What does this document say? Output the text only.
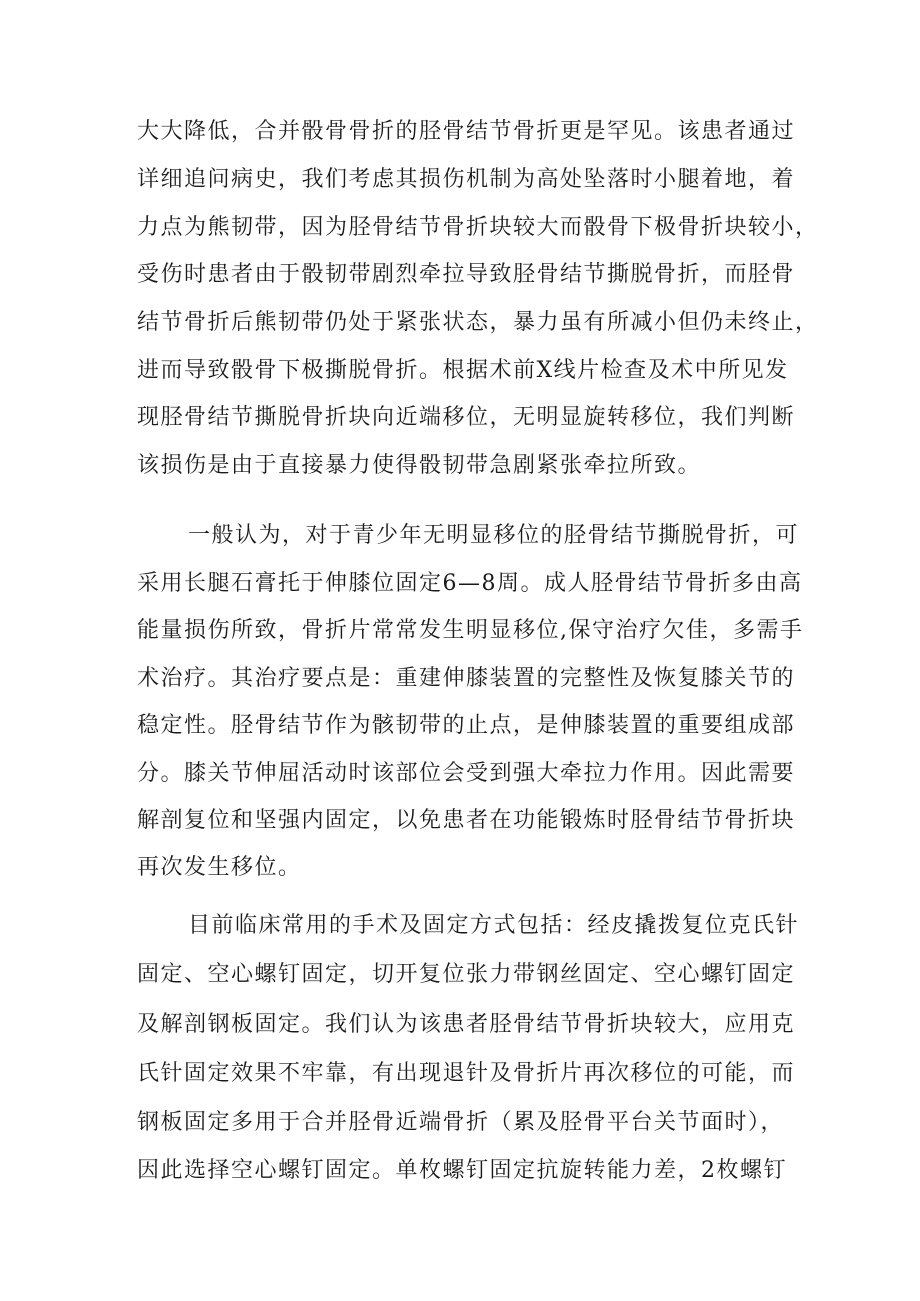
大大降低，合并骰骨骨折的胫骨结节骨折更是罕见。该患者通过
详细追问病史，我们考虑其损伤机制为高处坠落时小腿着地，着
力点为熊韧带，因为胫骨结节骨折块较大而骰骨下极骨折块较小，
受伤时患者由于骰韧带剧烈牵拉导致胫骨结节撕脱骨折，而胫骨
结节骨折后熊韧带仍处于紧张状态，暴力虽有所减小但仍未终止，
进而导致骰骨下极撕脱骨折。根据术前X线片检查及术中所见发
现胫骨结节撕脱骨折块向近端移位，无明显旋转移位，我们判断
该损伤是由于直接暴力使得骰韧带急剧紧张牵拉所致。
一般认为，对于青少年无明显移位的胫骨结节撕脱骨折，可
采用长腿石膏托于伸膝位固定6—8周。成人胫骨结节骨折多由高
能量损伤所致，骨折片常常发生明显移位,保守治疗欠佳，多需手
术治疗。其治疗要点是：重建伸膝装置的完整性及恢复膝关节的
稳定性。胫骨结节作为骸韧带的止点，是伸膝装置的重要组成部
分。膝关节伸屈活动时该部位会受到强大牵拉力作用。因此需要
解剖复位和坚强内固定，以免患者在功能锻炼时胫骨结节骨折块
再次发生移位。
目前临床常用的手术及固定方式包括：经皮撬拨复位克氏针
固定、空心螺钉固定，切开复位张力带钢丝固定、空心螺钉固定
及解剖钢板固定。我们认为该患者胫骨结节骨折块较大，应用克
氏针固定效果不牢靠，有出现退针及骨折片再次移位的可能，而
钢板固定多用于合并胫骨近端骨折（累及胫骨平台关节面时），
因此选择空心螺钉固定。单枚螺钉固定抗旋转能力差，2枚螺钉
